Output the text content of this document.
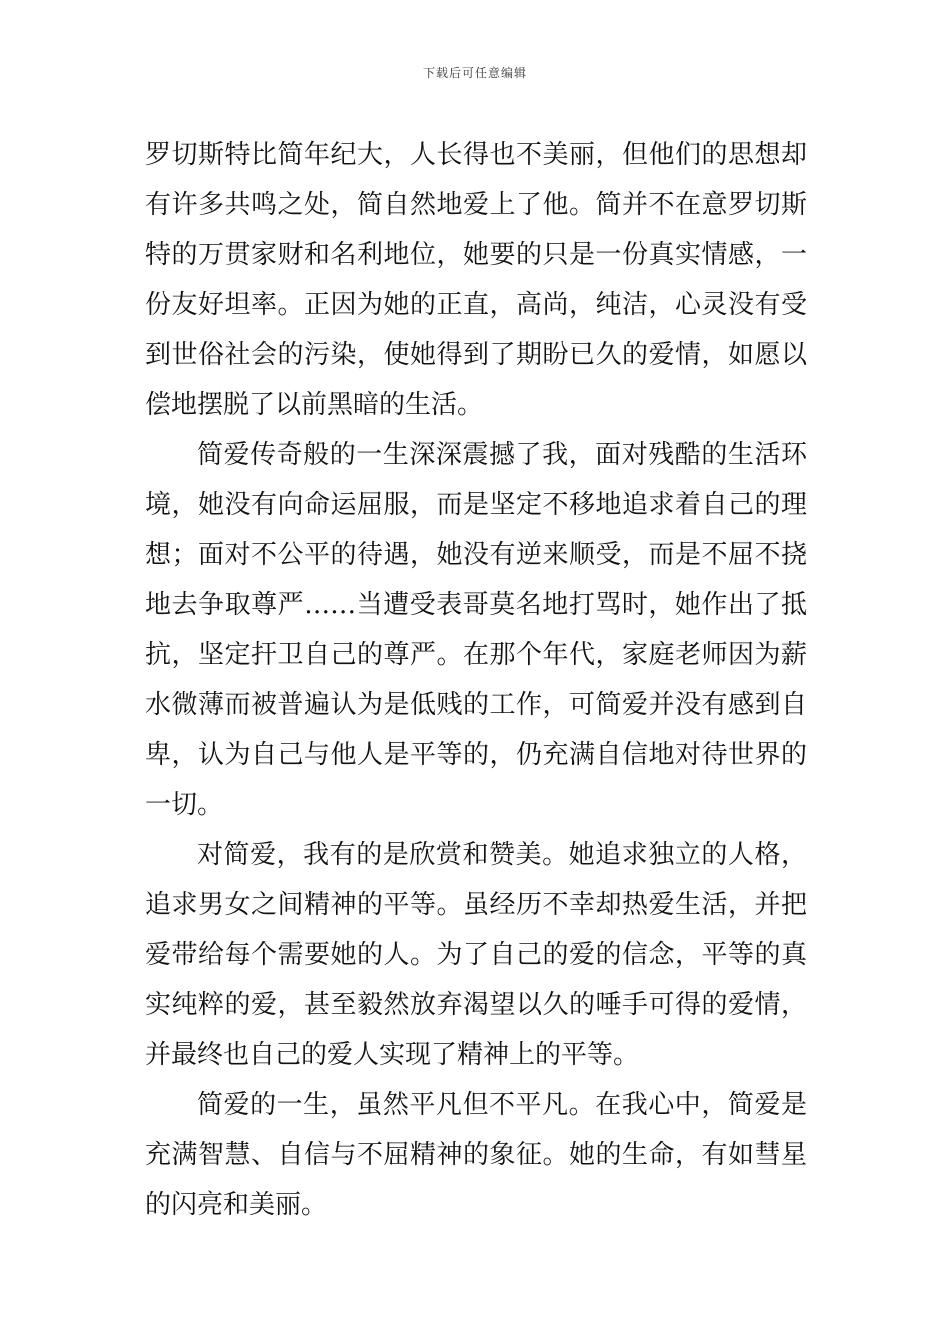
下载后可任意编辑

罗切斯特比简年纪大，人长得也不美丽，但他们的思想却有许多共鸣之处，简自然地爱上了他。简并不在意罗切斯特的万贯家财和名利地位，她要的只是一份真实情感，一份友好坦率。正因为她的正直，高尚，纯洁，心灵没有受到世俗社会的污染，使她得到了期盼已久的爱情，如愿以偿地摆脱了以前黑暗的生活。

简爱传奇般的一生深深震撼了我，面对残酷的生活环境，她没有向命运屈服，而是坚定不移地追求着自己的理想；面对不公平的待遇，她没有逆来顺受，而是不屈不挠地去争取尊严……当遭受表哥莫名地打骂时，她作出了抵抗，坚定扞卫自己的尊严。在那个年代，家庭老师因为薪水微薄而被普遍认为是低贱的工作，可简爱并没有感到自卑，认为自己与他人是平等的，仍充满自信地对待世界的一切。

对简爱，我有的是欣赏和赞美。她追求独立的人格，追求男女之间精神的平等。虽经历不幸却热爱生活，并把爱带给每个需要她的人。为了自己的爱的信念，平等的真实纯粹的爱，甚至毅然放弃渴望以久的唾手可得的爱情，并最终也自己的爱人实现了精神上的平等。

简爱的一生，虽然平凡但不平凡。在我心中，简爱是充满智慧、自信与不屈精神的象征。她的生命，有如彗星的闪亮和美丽。
